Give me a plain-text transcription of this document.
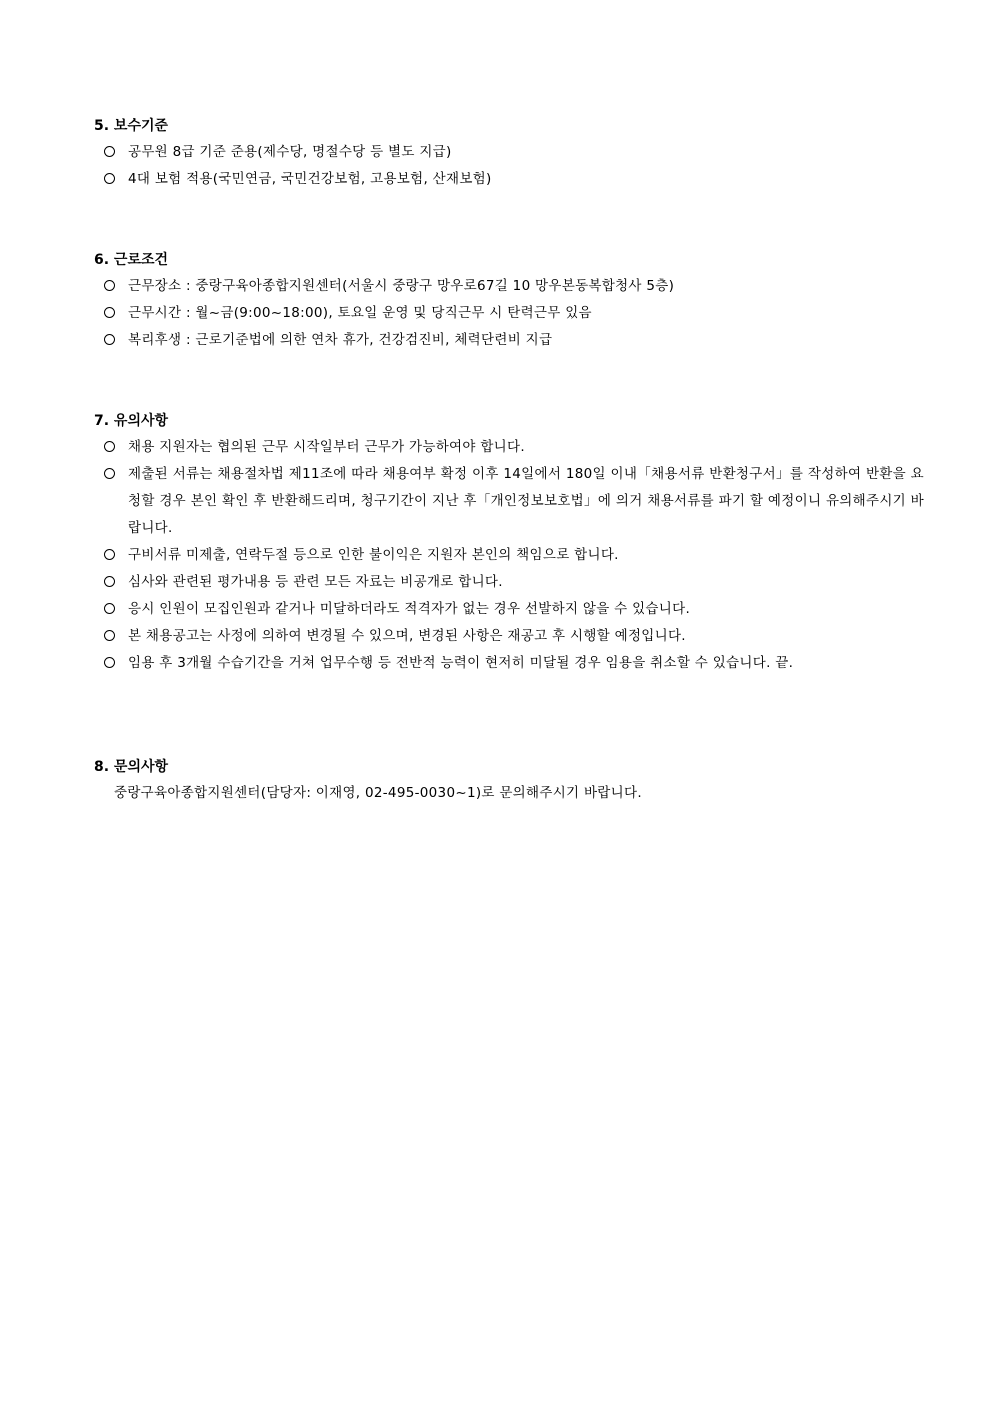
5. 보수기준
공무원 8급 기준 준용(제수당, 명절수당 등 별도 지급)
4대 보험 적용(국민연금, 국민건강보험, 고용보험, 산재보험)
6. 근로조건
근무장소 : 중랑구육아종합지원센터(서울시 중랑구 망우로67길 10 망우본동복합청사 5층)
근무시간 : 월~금(9:00~18:00), 토요일 운영 및 당직근무 시 탄력근무 있음
복리후생 : 근로기준법에 의한 연차 휴가, 건강검진비, 체력단련비 지급
7. 유의사항
채용 지원자는 협의된 근무 시작일부터 근무가 가능하여야 합니다.
제출된 서류는 채용절차법 제11조에 따라 채용여부 확정 이후 14일에서 180일 이내「채용서류 반환청구서」를 작성하여 반환을 요청할 경우 본인 확인 후 반환해드리며, 청구기간이 지난 후「개인정보보호법」에 의거 채용서류를 파기 할 예정이니 유의해주시기 바랍니다.
구비서류 미제출, 연락두절 등으로 인한 불이익은 지원자 본인의 책임으로 합니다.
심사와 관련된 평가내용 등 관련 모든 자료는 비공개로 합니다.
응시 인원이 모집인원과 같거나 미달하더라도 적격자가 없는 경우 선발하지 않을 수 있습니다.
본 채용공고는 사정에 의하여 변경될 수 있으며, 변경된 사항은 재공고 후 시행할 예정입니다.
임용 후 3개월 수습기간을 거쳐 업무수행 등 전반적 능력이 현저히 미달될 경우 임용을 취소할 수 있습니다. 끝.
8. 문의사항
중랑구육아종합지원센터(담당자: 이재영, 02-495-0030~1)로 문의해주시기 바랍니다.
